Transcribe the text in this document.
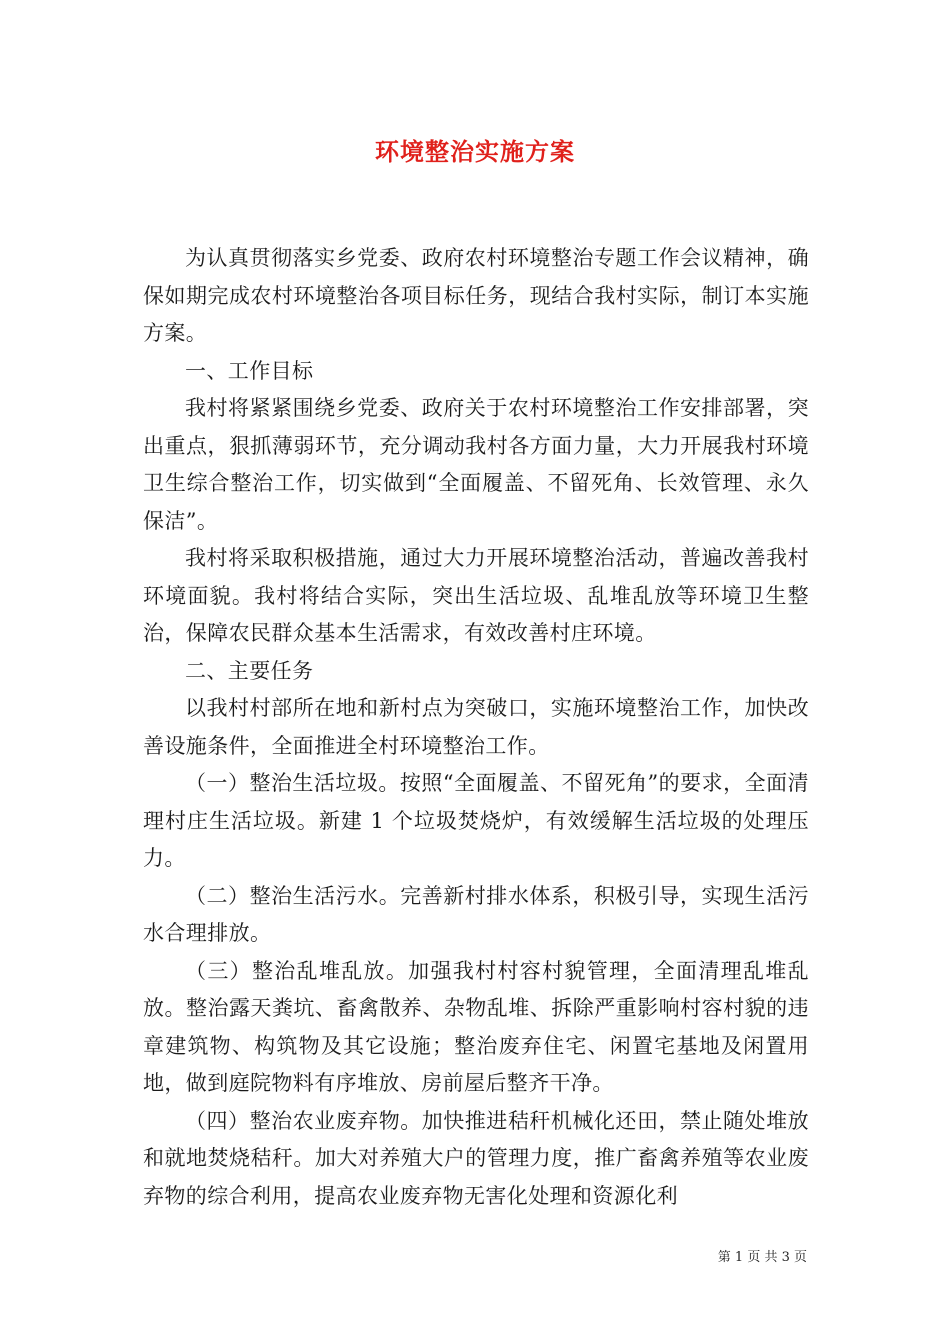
环境整治实施方案

为认真贯彻落实乡党委、政府农村环境整治专题工作会议精神，确保如期完成农村环境整治各项目标任务，现结合我村实际，制订本实施方案。

一、工作目标

我村将紧紧围绕乡党委、政府关于农村环境整治工作安排部署，突出重点，狠抓薄弱环节，充分调动我村各方面力量，大力开展我村环境卫生综合整治工作，切实做到“全面履盖、不留死角、长效管理、永久保洁”。

我村将采取积极措施，通过大力开展环境整治活动，普遍改善我村环境面貌。我村将结合实际，突出生活垃圾、乱堆乱放等环境卫生整治，保障农民群众基本生活需求，有效改善村庄环境。

二、主要任务

以我村村部所在地和新村点为突破口，实施环境整治工作，加快改善设施条件，全面推进全村环境整治工作。

（一）整治生活垃圾。按照“全面履盖、不留死角”的要求，全面清理村庄生活垃圾。新建 1 个垃圾焚烧炉，有效缓解生活垃圾的处理压力。

（二）整治生活污水。完善新村排水体系，积极引导，实现生活污水合理排放。

（三）整治乱堆乱放。加强我村村容村貌管理，全面清理乱堆乱放。整治露天粪坑、畜禽散养、杂物乱堆、拆除严重影响村容村貌的违章建筑物、构筑物及其它设施；整治废弃住宅、闲置宅基地及闲置用地，做到庭院物料有序堆放、房前屋后整齐干净。

（四）整治农业废弃物。加快推进秸秆机械化还田，禁止随处堆放和就地焚烧秸秆。加大对养殖大户的管理力度，推广畜禽养殖等农业废弃物的综合利用，提高农业废弃物无害化处理和资源化利

第 1 页 共 3 页
